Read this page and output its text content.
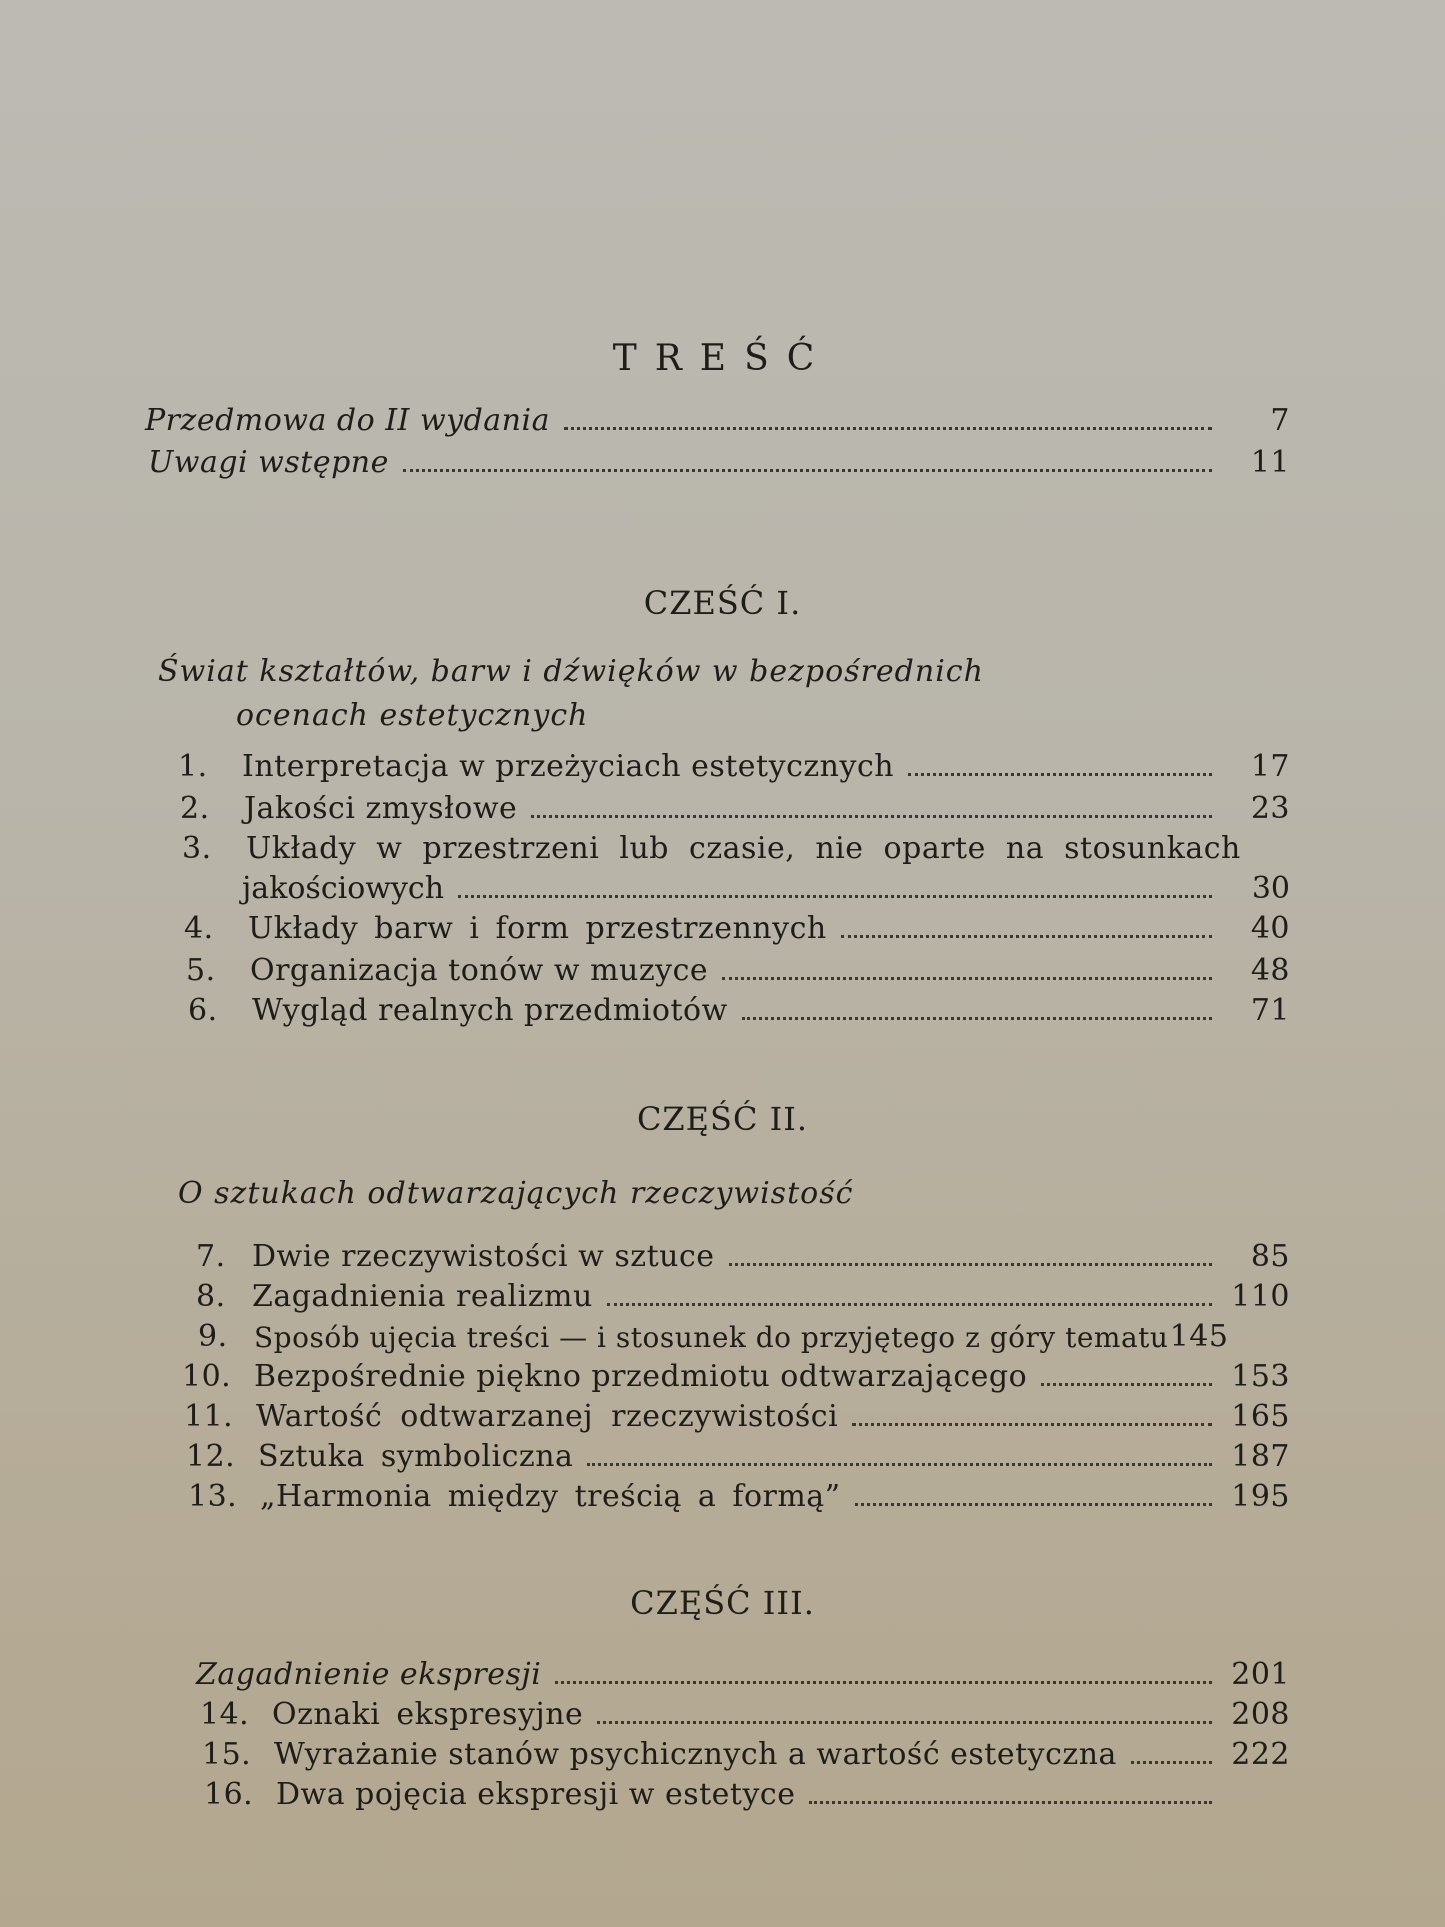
TREŚĆ
Przedmowa do II wydania	7
Uwagi wstępne	11
CZEŚĆ I.
Świat kształtów, barw i dźwięków w bezpośrednich
ocenach estetycznych
1.	Interpretacja w przeżyciach estetycznych	17
2.	Jakości zmysłowe	23
3.	Układy w przestrzeni lub czasie, nie oparte na stosunkach
jakościowych	30
4.	Układy barw i form przestrzennych	40
5.	Organizacja tonów w muzyce	48
6.	Wygląd realnych przedmiotów	71
CZĘŚĆ II.
O sztukach odtwarzających rzeczywistość
7. Dwie rzeczywistości w sztuce	85
8. Zagadnienia realizmu	110
9. Sposób ujęcia treści — i stosunek do przyjętego z góry tematu 145
10. Bezpośrednie piękno przedmiotu odtwarzającego	153
11. Wartość odtwarzanej rzeczywistości	165
12. Sztuka symboliczna	187
13. „Harmonia między treścią a formą”	195
CZĘŚĆ III.
Zagadnienie ekspresji	201
14. Oznaki ekspresyjne	208
15. Wyrażanie stanów psychicznych a wartość estetyczna	222
16. Dwa pojęcia ekspresji w estetyce
